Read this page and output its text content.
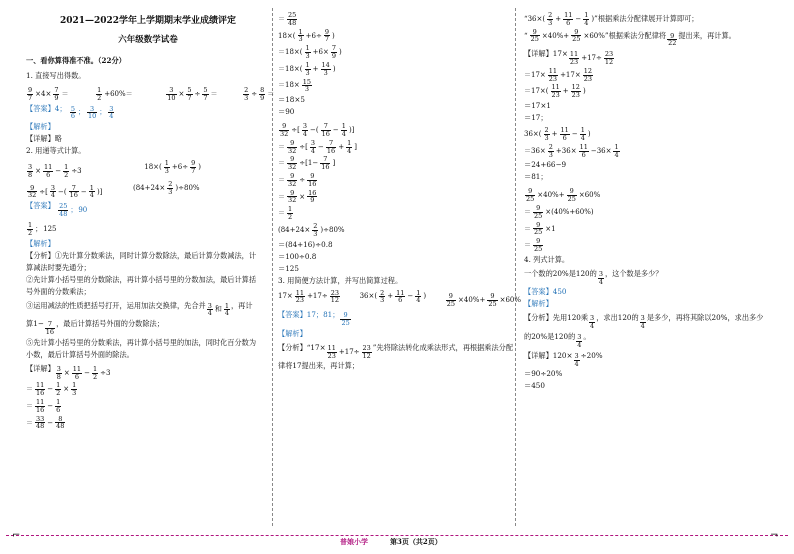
2021—2022学年上学期期末学业成绩评定
六年级数学试卷
一、看你算得准不准。（22分）
1. 直接写出得数。
$\frac{9}{7} \times 4\times \frac{7}{9}$ ＝
	$\frac{1}{2} +60\%=$
	$\frac{3}{10} \times \frac{5}{7} \div \frac{5}{7}$ ＝
	$\frac{2}{3} \div \frac{8}{9}$ ＝
【答案】4； $\frac{5}{6}$ ； $\frac{3}{10}$ ； $\frac{3}{4}$
【解析】
【详解】略
2. 用递等式计算。
$\frac{3}{8} \times \frac{11}{6} - \frac{1}{2} \div 3$	$18\times( \frac{1}{3} +6\div \frac{9}{7}$ )
$\frac{9}{32}$ ÷[ $\frac{3}{4}$ −( $\frac{7}{16} - \frac{1}{4}$ )]	$(84+24\times \frac{2}{3} )\div 80\%$
【答案】 $\frac{25}{48}$ ； 90
$\frac{1}{2}$ ； 125
【解析】
【分析】①先计算分数乘法，同时计算分数除法，最后计算分数减法，计
算减法时要先通分；
②先计算小括号里的分数除法，再计算小括号里的分数加法，最后计算括
号外面的分数乘法；
③运用减法的性质把括号打开，运用加法交换律，先合并 $\frac{3}{4}$ 和 $\frac{1}{4}$ ，再计
算$1- \frac{7}{16}$ ，最后计算括号外面的分数除法；
⑤先计算小括号里的分数乘法，再计算小括号里的加法，同时化百分数为
小数，最后计算括号外面的除法。
【详解】 $\frac{3}{8} \times \frac{11}{6} - \frac{1}{2} \div 3$
＝ $\frac{11}{16} - \frac{1}{2} \times \frac{1}{3}$
＝ $\frac{11}{16} - \frac{1}{6}$
＝ $\frac{33}{48} - \frac{8}{48}$
＝ $\frac{25}{48}$
$18\times( \frac{1}{3} +6\div \frac{9}{7}$ )
$=18\times( \frac{1}{3} +6\times \frac{7}{9}$ )
$=18\times( \frac{1}{3} + \frac{14}{3}$ )
$=18\times \frac{15}{3}$
＝18×5
＝90
$\frac{9}{32}$ ÷[ $\frac{3}{4}$ −( $\frac{7}{16} - \frac{1}{4}$ )]
＝ $\frac{9}{32}$ ÷[ $\frac{3}{4} - \frac{7}{16} + \frac{1}{4}$ ]
＝ $\frac{9}{32} \div[1- \frac{7}{16}$ ]
＝ $\frac{9}{32} \div \frac{9}{16}$
＝ $\frac{9}{32} \times \frac{16}{9}$
＝ $\frac{1}{2}$
$(84+24\times \frac{2}{3} )\div 80\%$
＝(84+16)÷0.8
＝100÷0.8
＝125
3. 用简便方法计算，并写出简算过程。
$17\times \frac{11}{23} +17\div \frac{23}{12}$	$36\times( \frac{2}{3} + \frac{11}{6} - \frac{1}{4}$ )	$\frac{9}{25} \times 40\%+ \frac{9}{25} \times 60\%$
【答案】17；81； $\frac{9}{25}$
【解析】
【分析】“$17\times \frac{11}{23} +17\div \frac{23}{12}$ ”先将除法转化成乘法形式，再根据乘法分配
律将17提出来，再计算；
“$36\times( \frac{2}{3} + \frac{11}{6} - \frac{1}{4}$ )”根据乘法分配律展开计算即可；
“ $\frac{9}{25} \times 40\%+ \frac{9}{25} \times 60\%$”根据乘法分配律将 $\frac{9}{22}$ 提出来，再计算。
【详解】$17\times \frac{11}{23} +17\div \frac{23}{12}$
$=17\times \frac{11}{23} +17\times \frac{12}{23}$
$=17\times( \frac{11}{23} + \frac{12}{23}$ )
＝17×1
＝17；
$36\times( \frac{2}{3} + \frac{11}{6} - \frac{1}{4}$ )
$=36\times \frac{2}{3} +36\times \frac{11}{6} -36\times \frac{1}{4}$
＝24+66−9
＝81；
$\frac{9}{25} \times 40\%+ \frac{9}{25} \times 60\%$
＝ $\frac{9}{25} \times(40\%+60\%)$
＝ $\frac{9}{25} \times 1$
＝ $\frac{9}{25}$
4. 列式计算。
一个数的20%是120的 $\frac{3}{4}$ ，这个数是多少？
【答案】450
【解析】
【分析】先用120乘 $\frac{3}{4}$ ，求出120的 $\frac{3}{4}$ 是多少，再将其除以20%，求出多少
的20%是120的 $\frac{3}{4}$ 。
【详解】$120\times \frac{3}{4} \div 20\%$
＝90÷20%
＝450
⌐	¬
普娘小学	第3页（共2页）
